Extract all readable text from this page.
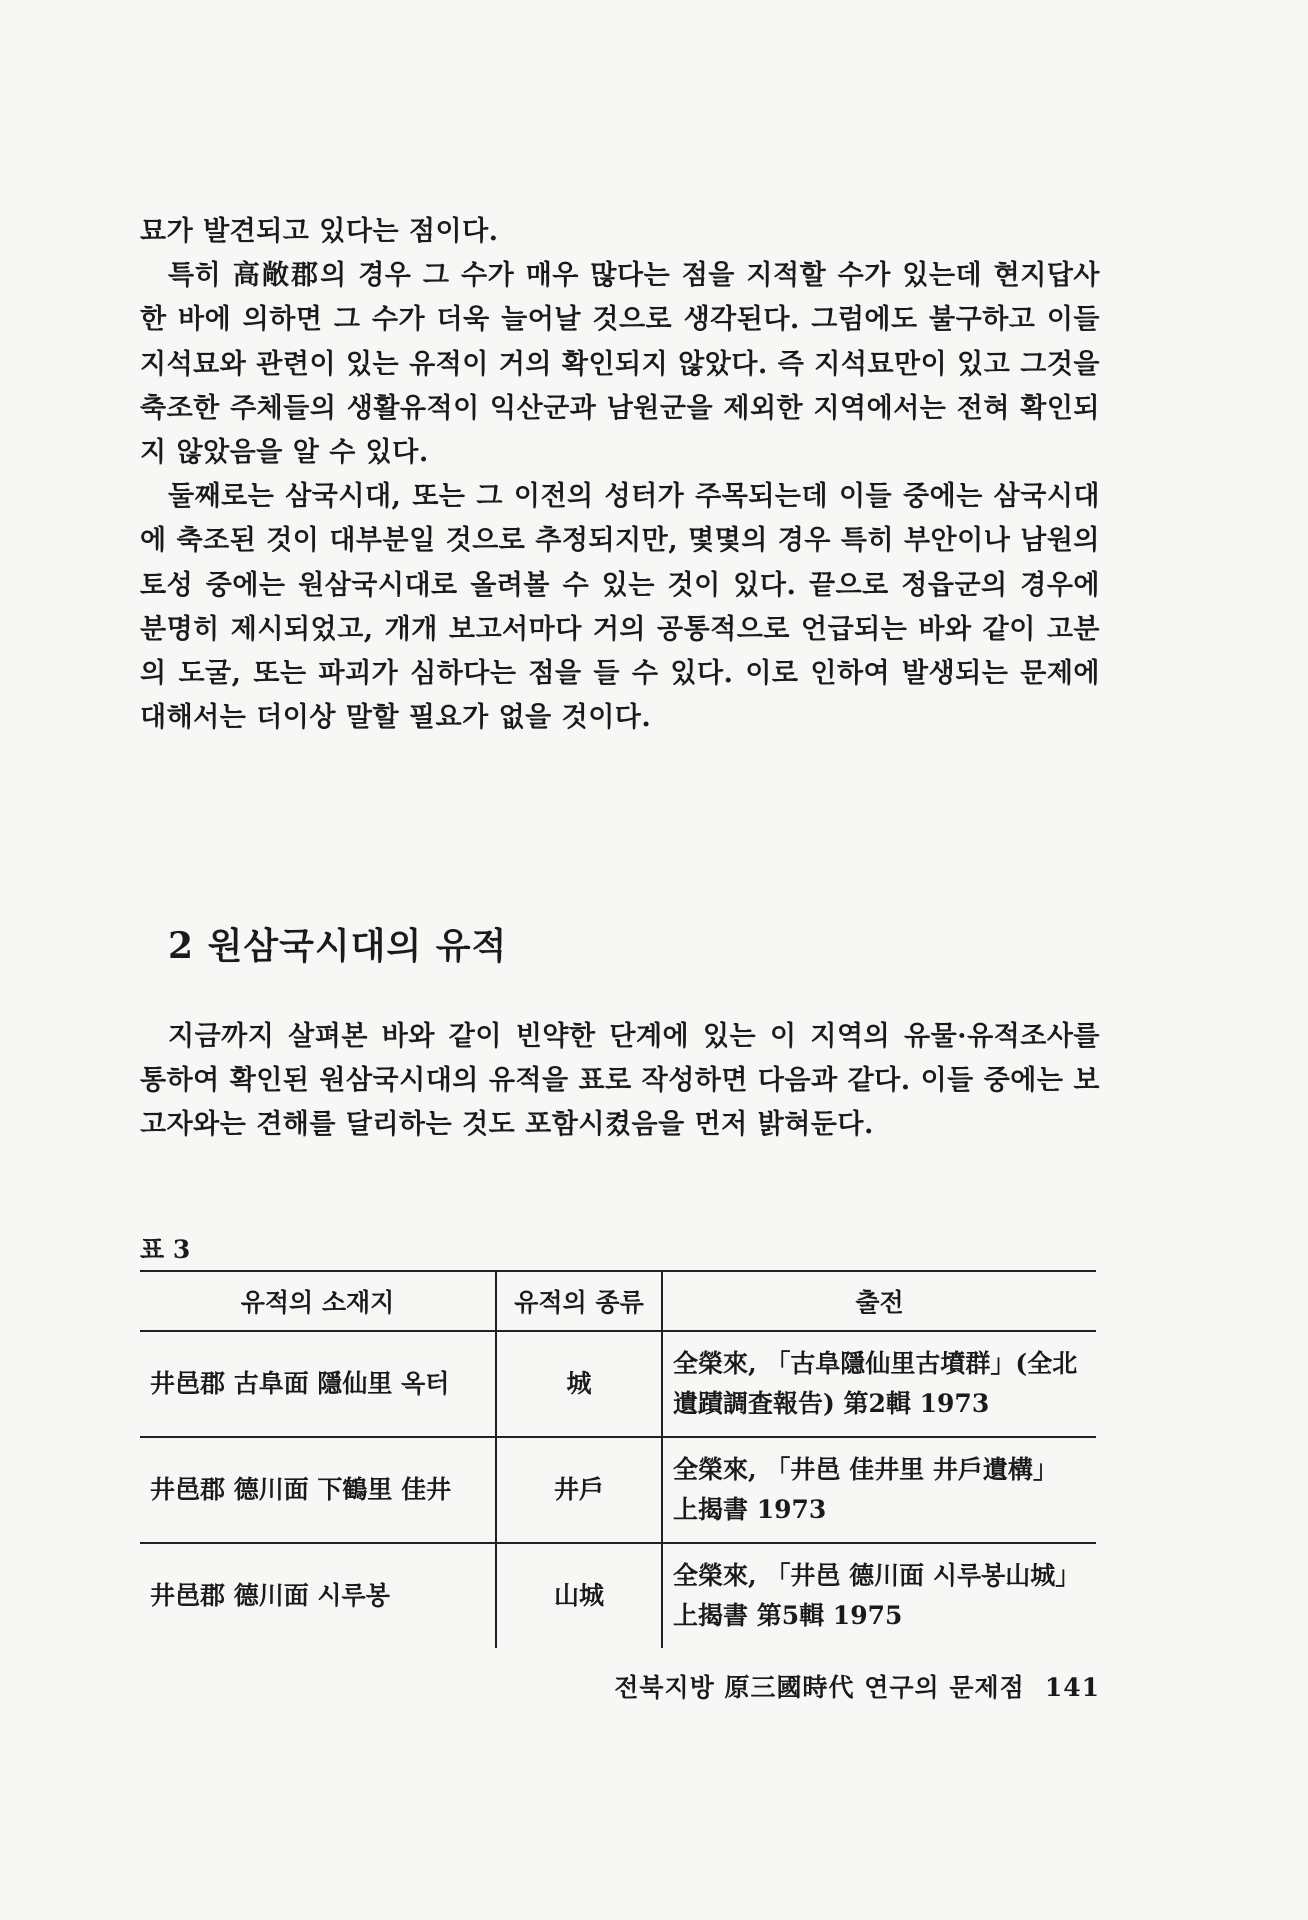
묘가 발견되고 있다는 점이다.

특히 高敞郡의 경우 그 수가 매우 많다는 점을 지적할 수가 있는데 현지답사한 바에 의하면 그 수가 더욱 늘어날 것으로 생각된다. 그럼에도 불구하고 이들 지석묘와 관련이 있는 유적이 거의 확인되지 않았다. 즉 지석묘만이 있고 그것을 축조한 주체들의 생활유적이 익산군과 남원군을 제외한 지역에서는 전혀 확인되지 않았음을 알 수 있다.

둘째로는 삼국시대, 또는 그 이전의 성터가 주목되는데 이들 중에는 삼국시대에 축조된 것이 대부분일 것으로 추정되지만, 몇몇의 경우 특히 부안이나 남원의 토성 중에는 원삼국시대로 올려볼 수 있는 것이 있다. 끝으로 정읍군의 경우에 분명히 제시되었고, 개개 보고서마다 거의 공통적으로 언급되는 바와 같이 고분의 도굴, 또는 파괴가 심하다는 점을 들 수 있다. 이로 인하여 발생되는 문제에 대해서는 더이상 말할 필요가 없을 것이다.

2 원삼국시대의 유적

지금까지 살펴본 바와 같이 빈약한 단계에 있는 이 지역의 유물·유적조사를 통하여 확인된 원삼국시대의 유적을 표로 작성하면 다음과 같다. 이들 중에는 보고자와는 견해를 달리하는 것도 포함시켰음을 먼저 밝혀둔다.

표 3
유적의 소재지	유적의 종류	출전
井邑郡 古阜面 隱仙里 옥터	城	全榮來, 「古阜隱仙里古墳群」(全北遺蹟調査報告) 第2輯 1973
井邑郡 德川面 下鶴里 佳井	井戶	全榮來, 「井邑 佳井里 井戶遺構」 上揭書 1973
井邑郡 德川面 시루봉	山城	全榮來, 「井邑 德川面 시루봉山城」 上揭書 第5輯 1975
전북지방 原三國時代 연구의 문제점 141
